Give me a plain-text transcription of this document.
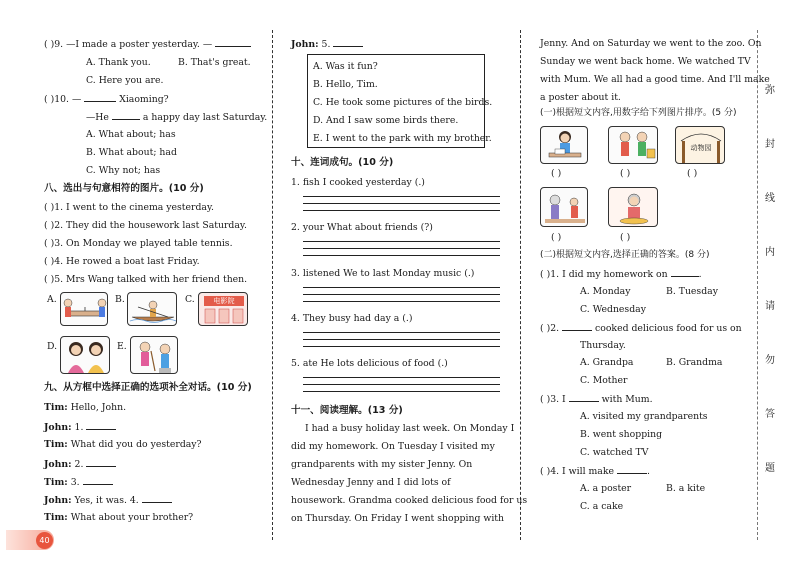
( )9. —I made a poster yesterday. —
A. Thank you.	B. That's great.
C. Here you are.
( )10. —	Xiaoming?
—He	a happy day last Saturday.
A. What about; has
B. What about; had
C. Why not; has
八、选出与句意相符的图片。(10 分)
( )1. I went to the cinema yesterday.
( )2. They did the housework last Saturday.
( )3. On Monday we played table tennis.
( )4. He rowed a boat last Friday.
( )5. Mrs Wang talked with her friend then.
A.	B.	C.	电影院
D.	E.
九、从方框中选择正确的选项补全对话。(10 分)
Tim: Hello, John.
John: 1.
Tim: What did you do yesterday?
John: 2.
Tim: 3.
John: Yes, it was. 4.
Tim: What about your brother?
40
John: 5.
A. Was it fun?
B. Hello, Tim.
C. He took some pictures of the birds.
D. And I saw some birds there.
E. I went to the park with my brother.
十、连词成句。(10 分)
1. fish I cooked yesterday (.)
2. your What about friends (?)
3. listened We to last Monday music (.)
4. They busy had day a (.)
5. ate He lots delicious of food (.)
十一、阅读理解。(13 分)
I had a busy holiday last week. On Monday I
did my homework. On Tuesday I visited my
grandparents with my sister Jenny. On
Wednesday Jenny and I did lots of
housework. Grandma cooked delicious food for us
on Thursday. On Friday I went shopping with
Jenny. And on Saturday we went to the zoo. On
Sunday we went back home. We watched TV
with Mum. We all had a good time. And I'll make
a poster about it.
(一)根据短文内容,用数字给下列图片排序。(5 分)
动物园
( )	( )	( )
( )	( )
(二)根据短文内容,选择正确的答案。(8 分)
( )1. I did my homework on	.
A. Monday	B. Tuesday
C. Wednesday
( )2.	cooked delicious food for us on
Thursday.
A. Grandpa	B. Grandma
C. Mother
( )3. I	with Mum.
A. visited my grandparents
B. went shopping
C. watched TV
( )4. I will make	.
A. a poster	B. a kite
C. a cake
弥
封
线
内
请
勿
答
题
